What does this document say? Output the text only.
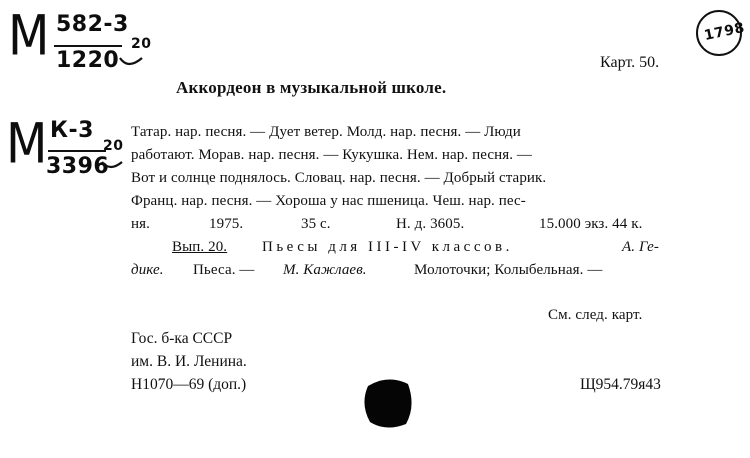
М 582-3
1220
20	1798
Карт. 50.
Аккордеон в музыкальной школе.
М К-3
3396
20
Татар. нар. песня. — Дует ветер. Молд. нар. песня. — Люди
работают. Морав. нар. песня. — Кукушка. Нем. нар. песня. —
Вот и солнце поднялось. Словац. нар. песня. — Добрый старик.
Франц. нар. песня. — Хороша у нас пшеница. Чеш. нар. пес-
ня.	1975.	35 с.	Н. д. 3605.	15.000 экз. 44 к.
Вып. 20. Пьесы для III-IV классов.	А. Ге-
дике. Пьеса. — М. Кажлаев.	Молоточки; Колыбельная. —
См. след. карт.
Гос. б-ка СССР
им. В. И. Ленина.
Н1070—69 (доп.)	Щ954.79я43
